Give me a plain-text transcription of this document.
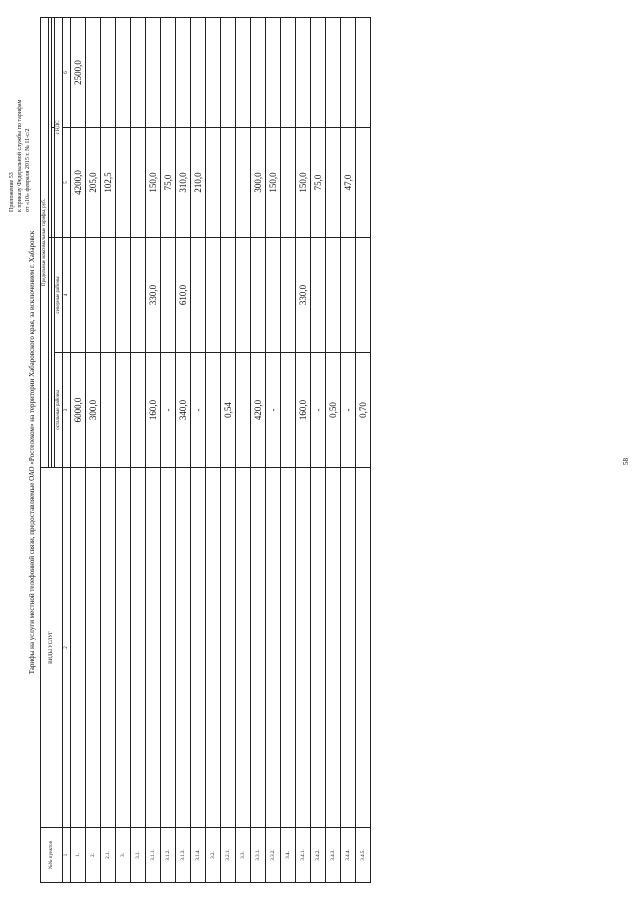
Приложение 53 к приказу Федеральной службы по тарифам от «10» февраля 2015 г. № 11-с/2
Тарифы на услуги местной телефонной связи, предоставляемые ОАО «Ростелеком» на территории Хабаровского края, за исключением г. Хабаровск
№№ пунктов	ВИДЫ УСЛУГ	Предельные максимальные тарифы, руб.			

		остальные районы	северные районы	с НДС	
1	2	3	4	5	6
1.		6000,0		4200,0	2500,0
2.		300,0		205,0	
2.1.				102,5	
3.					
3.1.					
3.1.1.		160,0	330,0	150,0	
3.1.2.		-		75,0	
3.1.3.		340,0	610,0	310,0	
3.1.4.		-		210,0	
3.2.					
3.2.1.		0,54			
3.3.					
3.3.1.		420,0		300,0	
3.3.2.		-		150,0	
3.4.					
3.4.1.		160,0	330,0	150,0	
3.4.2.		-		75,0	
3.4.3.		0,50			
3.4.4.		-		47,0	
3.4.5.		0,70			
58
